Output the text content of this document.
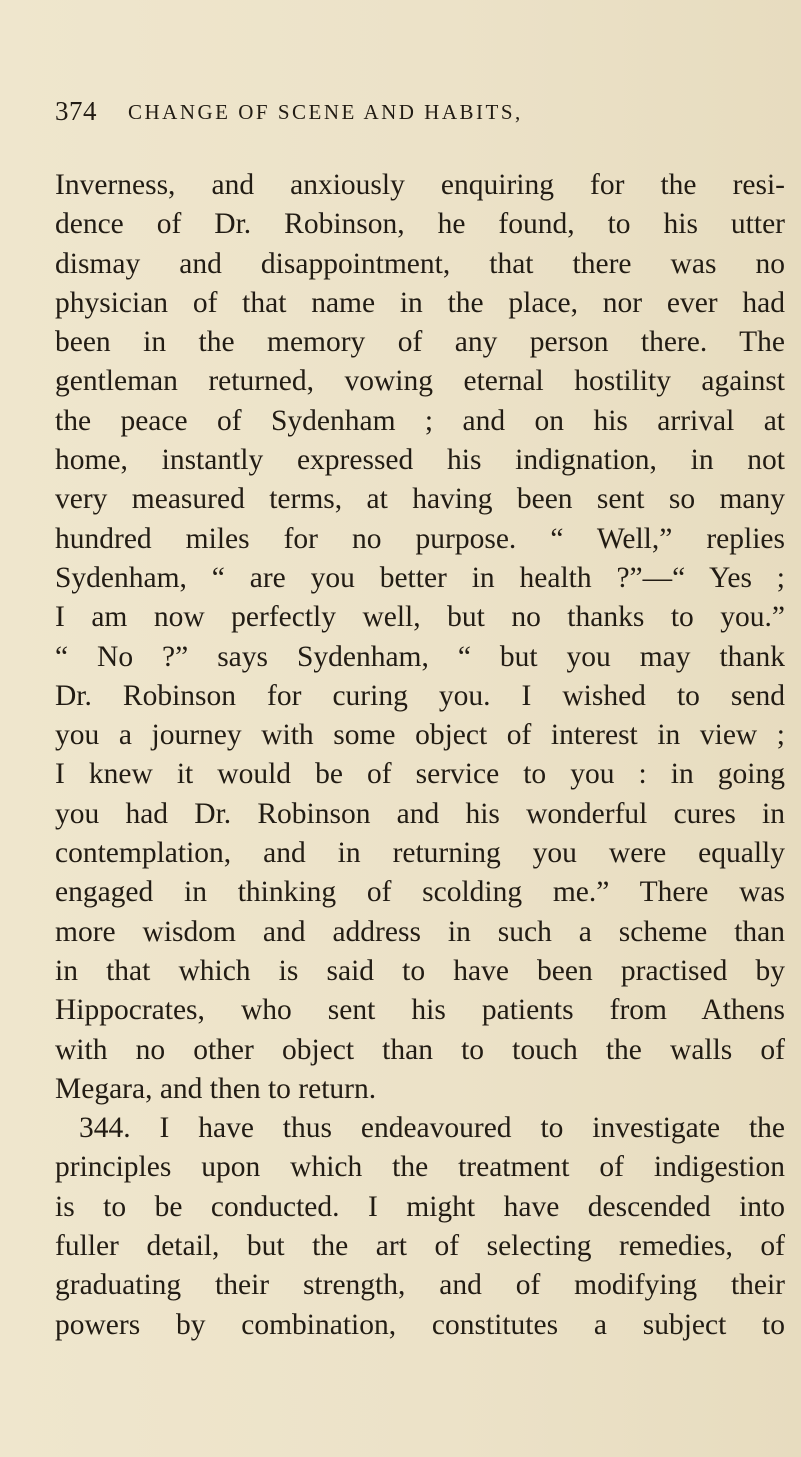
374 CHANGE OF SCENE AND HABITS,
Inverness, and anxiously enquiring for the resi-
dence of Dr. Robinson, he found, to his utter
dismay and disappointment, that there was no
physician of that name in the place, nor ever had
been in the memory of any person there. The
gentleman returned, vowing eternal hostility against
the peace of Sydenham ; and on his arrival at
home, instantly expressed his indignation, in not
very measured terms, at having been sent so many
hundred miles for no purpose. “ Well,” replies
Sydenham, “ are you better in health ?”—“ Yes ;
I am now perfectly well, but no thanks to you.”
“ No ?” says Sydenham, “ but you may thank
Dr. Robinson for curing you. I wished to send
you a journey with some object of interest in view ;
I knew it would be of service to you : in going
you had Dr. Robinson and his wonderful cures in
contemplation, and in returning you were equally
engaged in thinking of scolding me.” There was
more wisdom and address in such a scheme than
in that which is said to have been practised by
Hippocrates, who sent his patients from Athens
with no other object than to touch the walls of
Megara, and then to return.
344. I have thus endeavoured to investigate the
principles upon which the treatment of indigestion
is to be conducted. I might have descended into
fuller detail, but the art of selecting remedies, of
graduating their strength, and of modifying their
powers by combination, constitutes a subject to
